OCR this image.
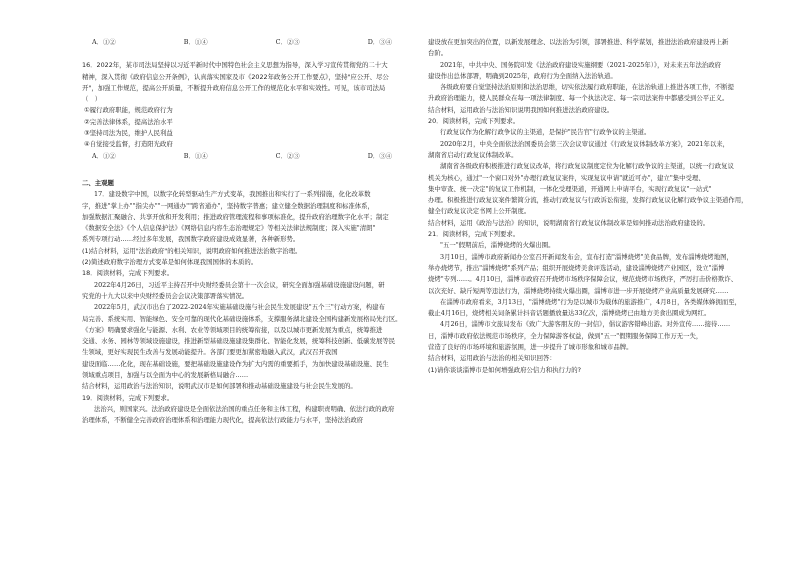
A．①②	B．①④	C．②③	D．③④

16．2022年，某市司法局坚持以习近平新时代中国特色社会主义思想为指导，深入学习宣传贯彻党的二十大

精神，深入贯彻《政府信息公开条例》，认真落实国家及市《2022年政务公开工作要点》，坚持"应公开、尽公

开"，加强工作规范，提高公开质量，不断提升政府信息公开工作的规范化水平和实效性。可见，该市司法局

（　）

①履行政府职能，规范政府行为

②完善法律体系，提高法治水平

③坚持司法为民，维护人民利益

④自觉接受监督，打造阳光政府

A．①②	B．①④	C．②③	D．③④

二、主观题

17．建设数字中国，以数字化转型驱动生产方式变革，我国推出和实行了一系列措施，化化改革数

字，推进"掌上办""指尖办""一网通办""跨省通办"，坚持数字普惠；建立健全数据治理制度和标准体系，

加强数据汇聚融合、共享开放和开发利用；推进政府管理流程和事项标准化，提升政府治理数字化水平；制定

《数据安全法》《个人信息保护法》《网络信息内容生态治理规定》等相关法律法规制度；深入实施"清朗"

系列专项行动……经过多年发展，我国数字政府建设成效显著，各种新形势。

(1)结合材料，运用"法治政府"的相关知识，说明政府如何推进法治数字治理。

(2)简述政府数字治理方式变革是如何体现我国国体的本质的。

18．阅读材料，完成下列要求。

2022年4月26日，习近平主持召开中央财经委员会第十一次会议，研究全面加强基础设施建设问题，研

究党的十九大以来中央财经委员会会议决策部署落实情况。

2022年5月，武汉市出台了2022-2024年实施基础设施与社会民生发展建设"五个三"行动方案，构建布

局完善、系统实用、智能绿色、安全可靠的现代化基础设施体系，支撑服务湖北建设全国构建新发展格局先行区。

《方案》明确要求强化与能源、水利、农业等领域项目的统筹衔接，以及以城市更新发展为重点，统筹推进

交通、水务、园林等领域设施建设，推进新型基础设施建设集群化、智能化发展，统筹科技创新、低碳发展等民

生领域，更好实现民生改善与发展动能提升。各部门要更加紧密地融入武汉，武汉召开我国

建设面临……化化，现在基础设施，要把基础设施建设作为扩大内需的重要抓手，为加快建设基础设施、民生

领域重点项目，加强与以全面为中心的发展新格局融合……

结合材料，运用政治与法治知识，说明武汉市是如何部署和推动基础设施建设与社会民生发展的。

19．阅读材料，完成下列要求。

法治兴，则国家兴。法治政府建设是全面依法治国的重点任务和主体工程，构建职责明确、依法行政的政府

治理体系，不断健全完善政府治理体系和治理能力现代化，提高依法行政能力与水平，坚持法治政府

建设放在更加突出的位置，以新发展理念、以法治为引领，部署推进、科学谋划，推进法治政府建设再上新

台阶。

2021年，中共中央、国务院印发《法治政府建设实施纲要（2021-2025年）》，对未来五年法治政府

建设作出总体部署，明确到2025年，政府行为全面纳入法治轨道。

各级政府要自觉坚持法治原则和法治思维，切实依法履行政府职能，在法治轨道上推进各项工作，不断提

升政府治理能力，使人民群众在每一项法律制度、每一个执法决定、每一宗司法案件中都感受到公平正义。

结合材料，运用政治与法治知识说明我国如何推进法治政府建设。

20．阅读材料，完成下列要求。

行政复议作为化解行政争议的主渠道，是保护"民告官"行政争议的主渠道。

2020年2月，中央全面依法治国委员会第三次会议审议通过《行政复议体制改革方案》，2021年以来，

湖南省启动行政复议体制改革。

湖南省各级政府积极推进行政复议改革，将行政复议制度定位为化解行政争议的主渠道，以统一行政复议

机关为核心，通过"一个窗口对外"办理行政复议案件，实现复议申请"就近可办"，建立"集中受理、

集中审查、统一决定"的复议工作机制，一体化受理渠道，开通网上申请平台，实现行政复议"一站式"

办理。积极推进行政复议案件繁简分流，推动行政复议与行政诉讼衔接，发挥行政复议化解行政争议主渠道作用，

健全行政复议决定书网上公开制度。

结合材料，运用《政治与法治》的知识，说明湖南省行政复议体制改革是如何推动法治政府建设的。

21．阅读材料，完成下列要求。

"五一"假期前后，淄博烧烤的火爆出圈。

3月10日，淄博市政府新闻办公室召开新闻发布会，宣布打造"淄博烧烤"美食品牌，发布淄博烧烤地图，

举办烧烤节，推出"淄博烧烤"系列产品；组织开展烧烤美食评选活动，建设淄博烧烤产业园区，设立"淄博

烧烤"专列……。4月10日，淄博市政府召开烧烤市场秩序保障会议，规范烧烤市场秩序，严厉打击价格欺诈、

以次充好、缺斤短两等违法行为，淄博烧烤持续火爆出圈，淄博市进一步开展烧烤产业高质量发展研究……

在淄博市政府看来，3月13日，"淄博烧烤"行为是以城市为载体的旅游推广，4月8日，各类媒体蜂拥而至，

截止4月16日，烧烤相关词条累计抖音话题播放量达33亿次，淄博烧烤已由地方美食出圈成为网红。

4月26日，淄博市文旅局发布《致广大游客朋友的一封信》，倡议游客错峰出游。对外宣传……接待……

日，淄博市政府依法规范市场秩序，全力保障游客权益，做到"五一"假期服务保障工作万无一失，

营造了良好的市场环境和旅游氛围，进一步提升了城市形象和城市品牌。

结合材料，运用政治与法治的相关知识回答：

(1)请你谈谈淄博市是如何增强政府公信力和执行力的?
